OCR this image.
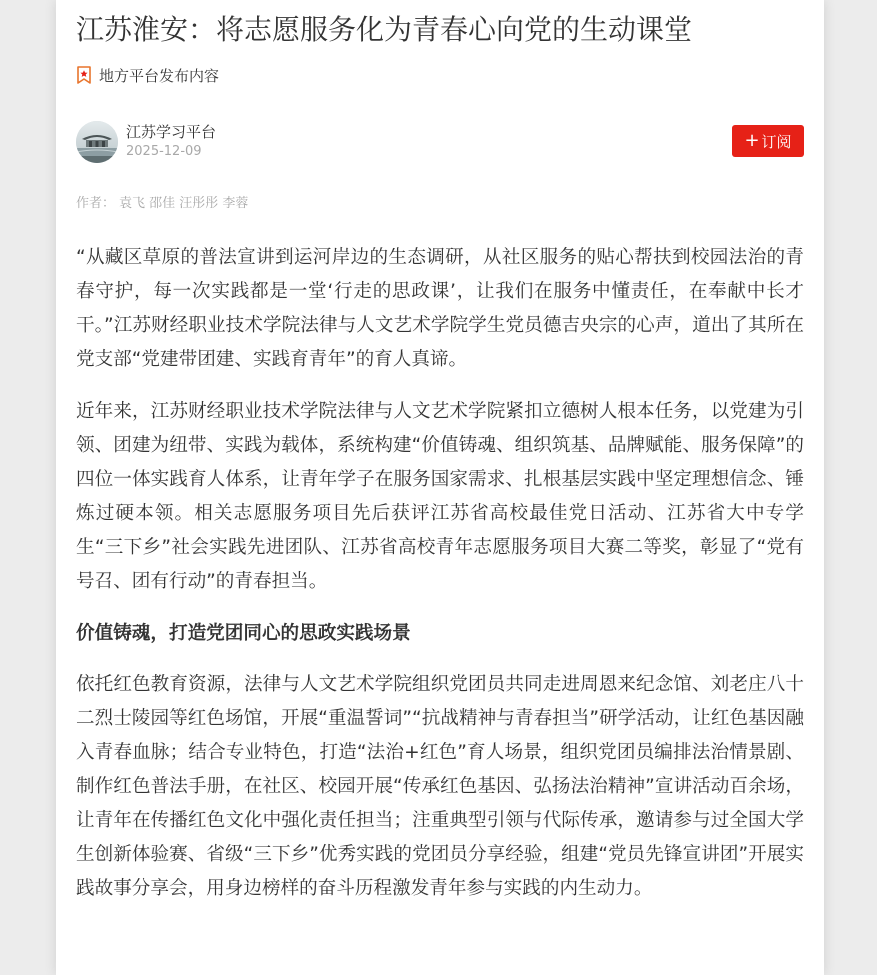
江苏淮安：将志愿服务化为青春心向党的生动课堂
地方平台发布内容
江苏学习平台
2025-12-09
+ 订阅
作者： 袁飞 邵佳 汪彤彤 李蓉

“从藏区草原的普法宣讲到运河岸边的生态调研，从社区服务的贴心帮扶到校园法治的青春守护，每一次实践都是一堂‘行走的思政课’，让我们在服务中懂责任，在奉献中长才干。”江苏财经职业技术学院法律与人文艺术学院学生党员德吉央宗的心声，道出了其所在党支部“党建带团建、实践育青年”的育人真谛。

近年来，江苏财经职业技术学院法律与人文艺术学院紧扣立德树人根本任务，以党建为引领、团建为纽带、实践为载体，系统构建“价值铸魂、组织筑基、品牌赋能、服务保障”的四位一体实践育人体系，让青年学子在服务国家需求、扎根基层实践中坚定理想信念、锤炼过硬本领。相关志愿服务项目先后获评江苏省高校最佳党日活动、江苏省大中专学生“三下乡”社会实践先进团队、江苏省高校青年志愿服务项目大赛二等奖，彰显了“党有号召、团有行动”的青春担当。

价值铸魂，打造党团同心的思政实践场景

依托红色教育资源，法律与人文艺术学院组织党团员共同走进周恩来纪念馆、刘老庄八十二烈士陵园等红色场馆，开展“重温誓词”“抗战精神与青春担当”研学活动，让红色基因融入青春血脉；结合专业特色，打造“法治+红色”育人场景，组织党团员编排法治情景剧、制作红色普法手册，在社区、校园开展“传承红色基因、弘扬法治精神”宣讲活动百余场，让青年在传播红色文化中强化责任担当；注重典型引领与代际传承，邀请参与过全国大学生创新体验赛、省级“三下乡”优秀实践的党团员分享经验，组建“党员先锋宣讲团”开展实践故事分享会，用身边榜样的奋斗历程激发青年参与实践的内生动力。
